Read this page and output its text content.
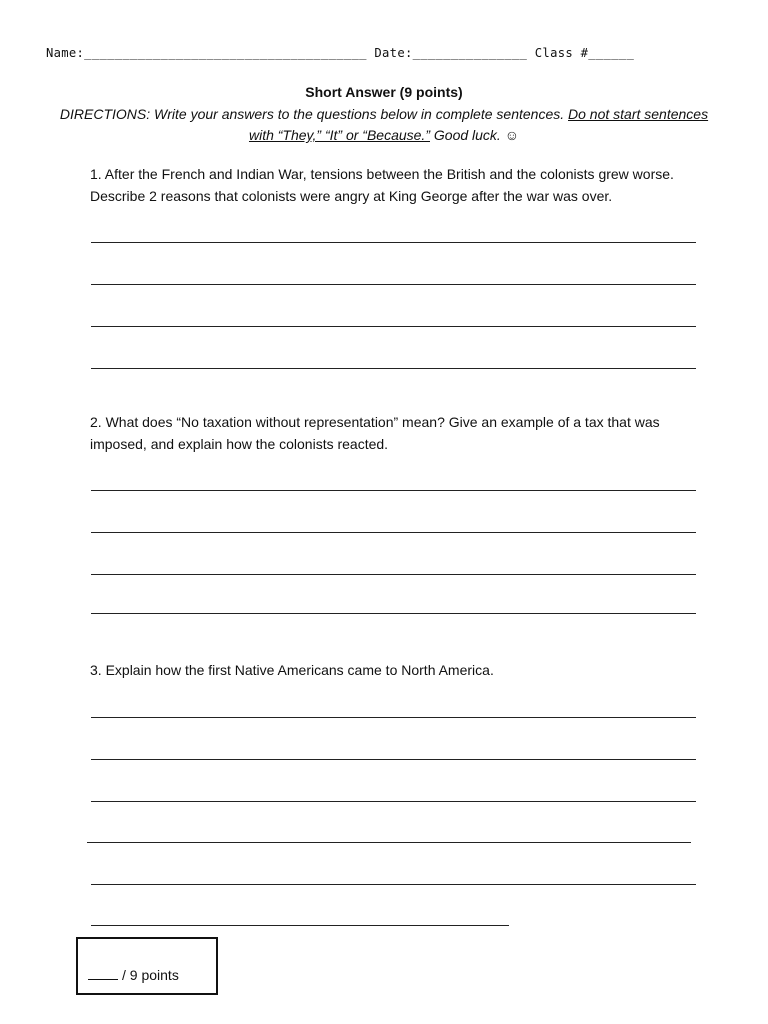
Name:_____________________________________ Date:_______________ Class #______
Short Answer (9 points)
DIRECTIONS: Write your answers to the questions below in complete sentences. Do not start sentences with “They,” “It” or “Because.” Good luck. ☺
1. After the French and Indian War, tensions between the British and the colonists grew worse. Describe 2 reasons that colonists were angry at King George after the war was over.
2. What does “No taxation without representation” mean? Give an example of a tax that was imposed, and explain how the colonists reacted.
3. Explain how the first Native Americans came to North America.
/ 9 points
